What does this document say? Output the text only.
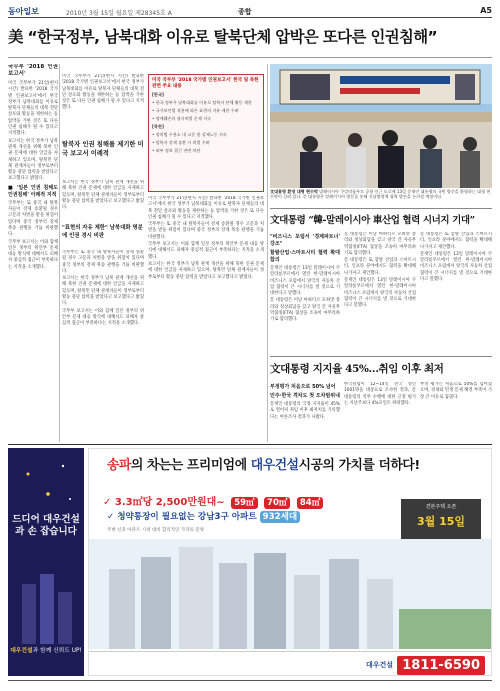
동아일보	2010년 3월 15일 월요일 제28345호 A	종합	A5
美 “한국정부, 남북대화 이유로 탈북단체 압박은 또다른 인권침해”
국무부 '2018 인권 보고서'

미국 국무부가 21일(현지 시간) 발표한 '2018 국가별 인권보고서'에서 한국 정부가 남북대화를 이유로 탈북자 단체들의 대북 전단 살포와 활동을 제한하는 등 압박을 가한 것은 또 다른 인권 침해가 될 수 있다고 지적했다.

보고서는 한국 정부가 남북 관계 개선을 위해 북한 인권 문제에 대한 언급을 자제하고 있으며, 탈북민 단체 관계자들이 정부로부터 활동 중단 압력을 받았다고 보고했다고 밝혔다.

■ '일본 인권 침해도 인권침해' 이례적 지적

국무부는 또 중국 내 탈북자들이 강제 송환될 경우 고문과 처벌을 받을 위험이 있다며 중국 정부의 강제 북송 관행을 거듭 비판했다.

국무부 보고서는 이와 함께 일본 정부의 위안부 문제 대응 방식에 대해서도 피해자 중심적 접근이 부족하다는 지적을 소개했다.

탈북자 인권 침해를 제기한 미국 보고서 이례적
"표현의 자유 제한" 남북대화 명분에 인권 경시 비판

미국 국무부가 21일(현지 시간) 발표한 '2018 국가별 인권보고서'에서 한국 정부가 남북대화를 이유로 탈북자 단체들의 대북 전단 살포와 활동을 제한하는 등 압박을 가한 것은 또 다른 인권 침해가 될 수 있다고 지적했다.

보고서는 한국 정부가 남북 관계 개선을 위해 북한 인권 문제에 대한 언급을 자제하고 있으며, 탈북민 단체 관계자들이 정부로부터 활동 중단 압력을 받았다고 보고했다고 밝혔다.

국무부는 또 중국 내 탈북자들이 강제 송환될 경우 고문과 처벌을 받을 위험이 있다며 중국 정부의 강제 북송 관행을 거듭 비판했다.

보고서는 한국 정부가 남북 관계 개선을 위해 북한 인권 문제에 대한 언급을 자제하고 있으며, 탈북민 단체 관계자들이 정부로부터 활동 중단 압력을 받았다고 보고했다고 밝혔다.

국무부 보고서는 이와 함께 일본 정부의 위안부 문제 대응 방식에 대해서도 피해자 중심적 접근이 부족하다는 지적을 소개했다.

미국 국무부 '2018 국가별 인권보고서' 한국 및 북한 관련 주요 내용
[한국]
• 한국 정부가 남북대화를 이유로 탈북자 단체 활동 제한
• 국가보안법 적용에 따른 표현의 자유 제한 우려
• 명예훼손의 형사처벌 문제 지속
[북한]
• 정치범 수용소 내 고문 및 강제노동 지속
• 탈북자 강제 송환 시 처벌 우려
• 외부 정보 접근 전면 차단

미국 국무부가 21일(현지 시간) 발표한 '2018 국가별 인권보고서'에서 한국 정부가 남북대화를 이유로 탈북자 단체들의 대북 전단 살포와 활동을 제한하는 등 압박을 가한 것은 또 다른 인권 침해가 될 수 있다고 지적했다.

국무부는 또 중국 내 탈북자들이 강제 송환될 경우 고문과 처벌을 받을 위험이 있다며 중국 정부의 강제 북송 관행을 거듭 비판했다.

국무부 보고서는 이와 함께 일본 정부의 위안부 문제 대응 방식에 대해서도 피해자 중심적 접근이 부족하다는 지적을 소개했다.

보고서는 한국 정부가 남북 관계 개선을 위해 북한 인권 문제에 대한 언급을 자제하고 있으며, 탈북민 단체 관계자들이 정부로부터 활동 중단 압력을 받았다고 보고했다고 밝혔다.

文대통령 환영 대형 현수막 말레이시아 쿠알라룸푸르 공항 인근 도로에 13일 문재인 대통령의 국빈 방문을 환영하는 대형 현수막이 걸려 있다. 문 대통령은 말레이시아 방문을 통해 신남방정책 협력 방안을 논의할 예정이다.
文대통령 “韓-말레이시아 車산업 협력 시너지 기대”
"비즈니스 포럼서 '경제파트너' 강조"
할랄산업·스마트시티 협력 확대 합의

문재인 대통령은 13일 말레이시아 쿠알라룸푸르에서 열린 한-말레이시아 비즈니스 포럼에서 양국의 자동차 산업 협력이 큰 시너지를 낼 것으로 기대한다고 말했다.

문 대통령은 이날 마하티르 모하맛 총리와 정상회담을 갖고 양국 간 자유무역협정(FTA) 협상을 조속히 마무리하기로 합의했다.

문 대통령은 이날 마하티르 모하맛 총리와 정상회담을 갖고 양국 간 자유무역협정(FTA) 협상을 조속히 마무리하기로 합의했다.

문 대통령은 또 할랄 산업과 스마트시티, 인프라 분야에서도 협력을 확대해 나가자고 제안했다.

문재인 대통령은 13일 말레이시아 쿠알라룸푸르에서 열린 한-말레이시아 비즈니스 포럼에서 양국의 자동차 산업 협력이 큰 시너지를 낼 것으로 기대한다고 말했다.

문 대통령은 또 할랄 산업과 스마트시티, 인프라 분야에서도 협력을 확대해 나가자고 제안했다.

문재인 대통령은 13일 말레이시아 쿠알라룸푸르에서 열린 한-말레이시아 비즈니스 포럼에서 양국의 자동차 산업 협력이 큰 시너지를 낼 것으로 기대한다고 말했다.

文대통령 지지율 45%…취임 이후 최저
부정평가 처음으로 50% 넘어
민주·한국 격차도 첫 오차범위내

문재인 대통령의 국정 지지율이 45%로 떨어져 취임 이후 최저치를 기록했다는 여론조사 결과가 나왔다.

한국갤럽이 12~14일 전국 성인 1001명을 대상으로 조사한 결과, 문 대통령의 직무 수행에 대한 긍정 평가는 지난주보다 4%포인트 하락했다.

부정 평가는 처음으로 50%를 넘어섰으며, 경제와 민생 문제 해결 부족이 가장 큰 이유로 꼽혔다.

드디어 대우건설과 손 잡습니다
대우건설과 함께 신뢰도 UP!
송파의 차는는 프리미엄에 대우건설시공의 가치를 더하다!
✓ 3.3㎡당 2,500만원대~ 59㎡ 70㎡ 84㎡
✓ 청약통장이 필요없는 강남3구 아파트 932세대
주변 신축 아파트 시세 대비 합리적인 가격의 분양
견본주택 오픈
3월 15일
대우건설 1811-6590
